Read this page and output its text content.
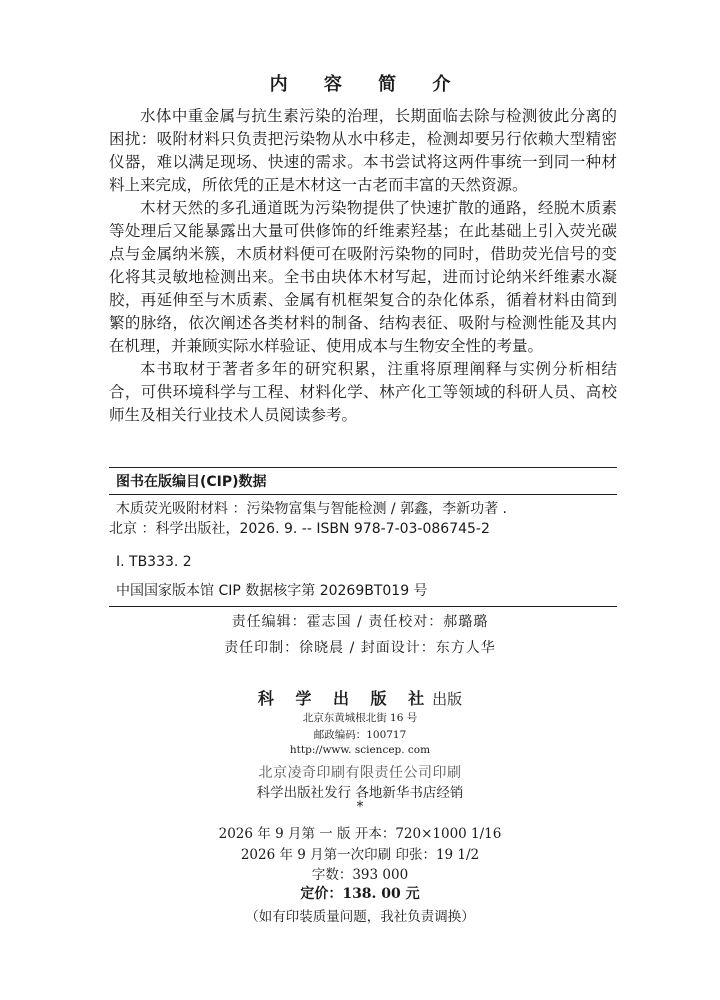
内 容 简 介

水体中重金属与抗生素污染的治理，长期面临去除与检测彼此分离的困扰：吸附材料只负责把污染物从水中移走，检测却要另行依赖大型精密仪器，难以满足现场、快速的需求。本书尝试将这两件事统一到同一种材料上来完成，所依凭的正是木材这一古老而丰富的天然资源。

木材天然的多孔通道既为污染物提供了快速扩散的通路，经脱木质素等处理后又能暴露出大量可供修饰的纤维素羟基；在此基础上引入荧光碳点与金属纳米簇，木质材料便可在吸附污染物的同时，借助荧光信号的变化将其灵敏地检测出来。全书由块体木材写起，进而讨论纳米纤维素水凝胶，再延伸至与木质素、金属有机框架复合的杂化体系，循着材料由简到繁的脉络，依次阐述各类材料的制备、结构表征、吸附与检测性能及其内在机理，并兼顾实际水样验证、使用成本与生物安全性的考量。

本书取材于著者多年的研究积累，注重将原理阐释与实例分析相结合，可供环境科学与工程、材料化学、林产化工等领域的科研人员、高校师生及相关行业技术人员阅读参考。

图书在版编目(CIP)数据
木质荧光吸附材料 ：污染物富集与智能检测 / 郭鑫，李新功著 .
北京 ：科学出版社，2026. 9. -- ISBN 978-7-03-086745-2
Ⅰ. TB333. 2
中国国家版本馆 CIP 数据核字第 20269BT019 号
责任编辑：霍志国 / 责任校对：郝璐璐
责任印制：徐晓晨 / 封面设计：东方人华
科 学 出 版 社出版
北京东黄城根北街 16 号
邮政编码：100717
http://www. sciencep. com
北京凌奇印刷有限责任公司印刷
科学出版社发行 各地新华书店经销
*
2026 年 9 月第 一 版 开本：720×1000 1/16
2026 年 9 月第一次印刷 印张：19 1/2
字数：393 000
定价：138. 00 元
（如有印装质量问题，我社负责调换）
